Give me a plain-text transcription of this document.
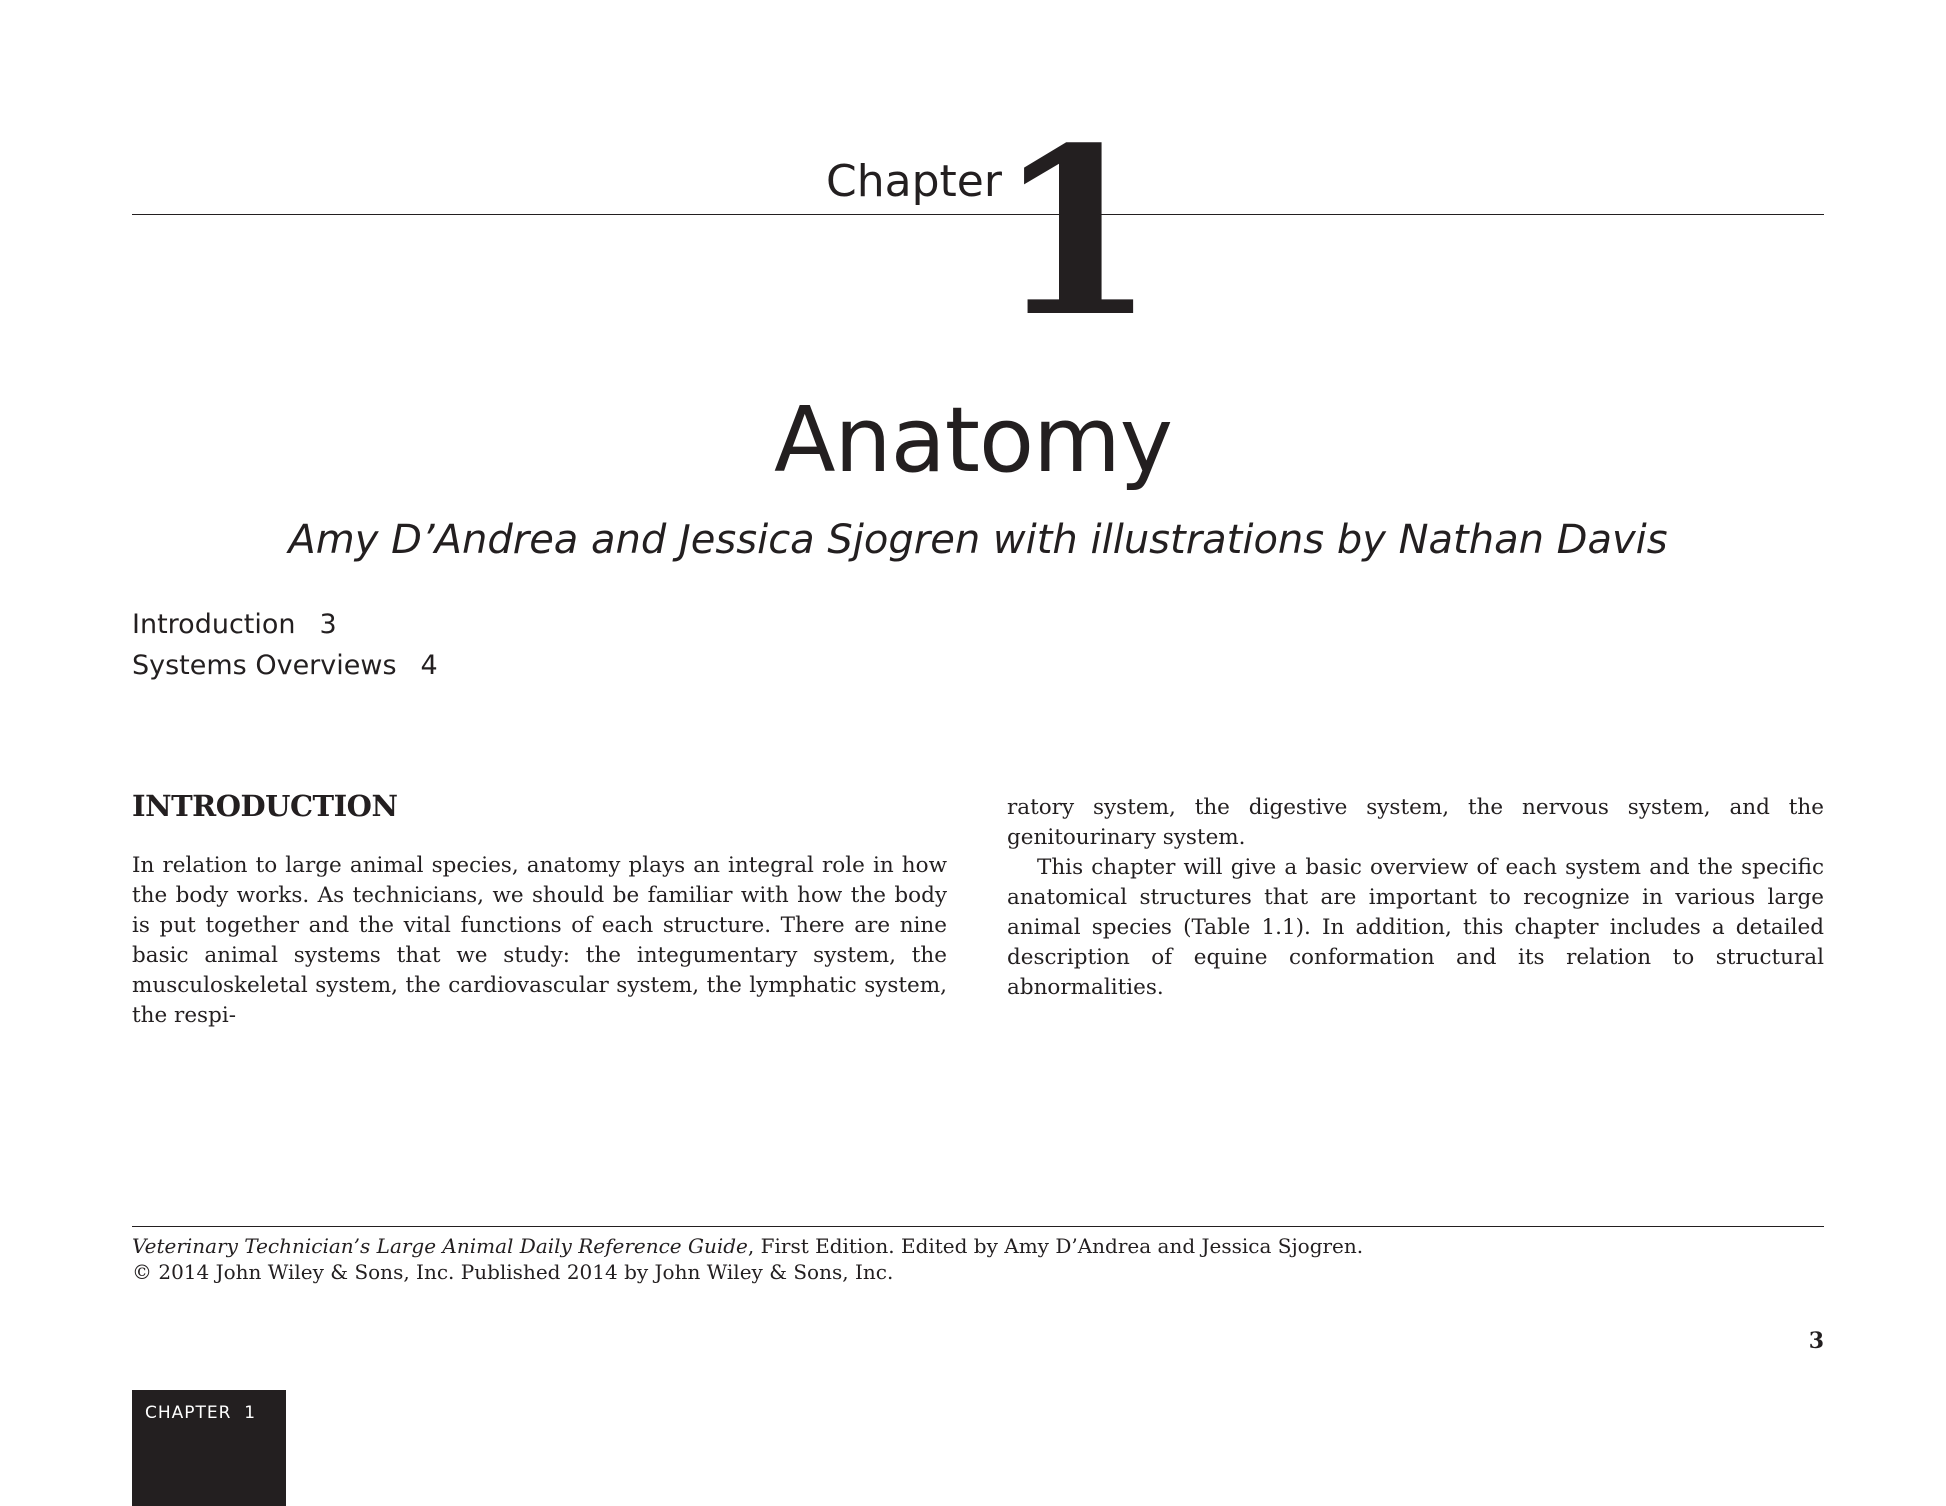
Chapter
1
Anatomy
Amy D’Andrea and Jessica Sjogren with illustrations by Nathan Davis
Introduction 3
Systems Overviews 4
INTRODUCTION

In relation to large animal species, anatomy plays an integral role in how the body works. As technicians, we should be familiar with how the body is put together and the vital functions of each structure. There are nine basic animal systems that we study: the integumentary system, the musculoskeletal system, the cardiovascular system, the lymphatic system, the respi-

ratory system, the digestive system, the nervous system, and the genitourinary system.

This chapter will give a basic overview of each system and the specific anatomical structures that are important to recognize in various large animal species (Table 1.1). In addition, this chapter includes a detailed description of equine conformation and its relation to structural abnormalities.

Veterinary Technician’s Large Animal Daily Reference Guide, First Edition. Edited by Amy D’Andrea and Jessica Sjogren.

© 2014 John Wiley & Sons, Inc. Published 2014 by John Wiley & Sons, Inc.

3
CHAPTER  1
